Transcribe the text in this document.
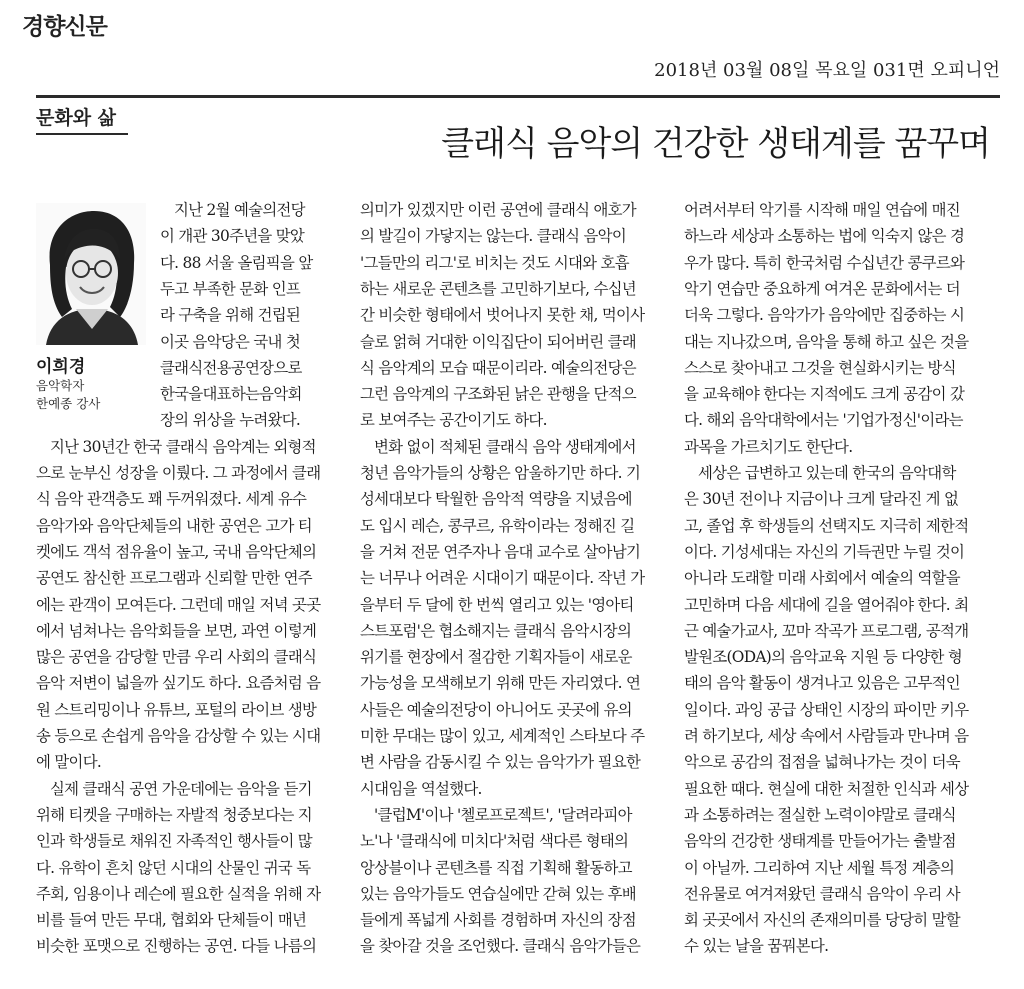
경향신문
2018년 03월 08일 목요일 031면 오피니언
문화와 삶
클래식 음악의 건강한 생태계를 꿈꾸며
이희경
음악학자
한예종 강사
지난 2월 예술의전당
이 개관 30주년을 맞았
다. 88 서울 올림픽을 앞
두고 부족한 문화 인프
라 구축을 위해 건립된
이곳 음악당은 국내 첫
클래식전용공연장으로
한국을대표하는음악회
장의 위상을 누려왔다.
지난 30년간 한국 클래식 음악계는 외형적
으로 눈부신 성장을 이뤘다. 그 과정에서 클래
식 음악 관객층도 꽤 두꺼워졌다. 세계 유수
음악가와 음악단체들의 내한 공연은 고가 티
켓에도 객석 점유율이 높고, 국내 음악단체의
공연도 참신한 프로그램과 신뢰할 만한 연주
에는 관객이 모여든다. 그런데 매일 저녁 곳곳
에서 넘쳐나는 음악회들을 보면, 과연 이렇게
많은 공연을 감당할 만큼 우리 사회의 클래식
음악 저변이 넓을까 싶기도 하다. 요즘처럼 음
원 스트리밍이나 유튜브, 포털의 라이브 생방
송 등으로 손쉽게 음악을 감상할 수 있는 시대
에 말이다.
실제 클래식 공연 가운데에는 음악을 듣기
위해 티켓을 구매하는 자발적 청중보다는 지
인과 학생들로 채워진 자족적인 행사들이 많
다. 유학이 흔치 않던 시대의 산물인 귀국 독
주회, 임용이나 레슨에 필요한 실적을 위해 자
비를 들여 만든 무대, 협회와 단체들이 매년
비슷한 포맷으로 진행하는 공연. 다들 나름의
의미가 있겠지만 이런 공연에 클래식 애호가
의 발길이 가닿지는 않는다. 클래식 음악이
'그들만의 리그'로 비치는 것도 시대와 호흡
하는 새로운 콘텐츠를 고민하기보다, 수십년
간 비슷한 형태에서 벗어나지 못한 채, 먹이사
슬로 얽혀 거대한 이익집단이 되어버린 클래
식 음악계의 모습 때문이리라. 예술의전당은
그런 음악계의 구조화된 낡은 관행을 단적으
로 보여주는 공간이기도 하다.
변화 없이 적체된 클래식 음악 생태계에서
청년 음악가들의 상황은 암울하기만 하다. 기
성세대보다 탁월한 음악적 역량을 지녔음에
도 입시 레슨, 콩쿠르, 유학이라는 정해진 길
을 거쳐 전문 연주자나 음대 교수로 살아남기
는 너무나 어려운 시대이기 때문이다. 작년 가
을부터 두 달에 한 번씩 열리고 있는 '영아티
스트포럼'은 협소해지는 클래식 음악시장의
위기를 현장에서 절감한 기획자들이 새로운
가능성을 모색해보기 위해 만든 자리였다. 연
사들은 예술의전당이 아니어도 곳곳에 유의
미한 무대는 많이 있고, 세계적인 스타보다 주
변 사람을 감동시킬 수 있는 음악가가 필요한
시대임을 역설했다.
'클럽M'이나 '첼로프로젝트', '달려라피아
노'나 '클래식에 미치다'처럼 색다른 형태의
앙상블이나 콘텐츠를 직접 기획해 활동하고
있는 음악가들도 연습실에만 갇혀 있는 후배
들에게 폭넓게 사회를 경험하며 자신의 장점
을 찾아갈 것을 조언했다. 클래식 음악가들은
어려서부터 악기를 시작해 매일 연습에 매진
하느라 세상과 소통하는 법에 익숙지 않은 경
우가 많다. 특히 한국처럼 수십년간 콩쿠르와
악기 연습만 중요하게 여겨온 문화에서는 더
더욱 그렇다. 음악가가 음악에만 집중하는 시
대는 지나갔으며, 음악을 통해 하고 싶은 것을
스스로 찾아내고 그것을 현실화시키는 방식
을 교육해야 한다는 지적에도 크게 공감이 갔
다. 해외 음악대학에서는 '기업가정신'이라는
과목을 가르치기도 한단다.
세상은 급변하고 있는데 한국의 음악대학
은 30년 전이나 지금이나 크게 달라진 게 없
고, 졸업 후 학생들의 선택지도 지극히 제한적
이다. 기성세대는 자신의 기득권만 누릴 것이
아니라 도래할 미래 사회에서 예술의 역할을
고민하며 다음 세대에 길을 열어줘야 한다. 최
근 예술가교사, 꼬마 작곡가 프로그램, 공적개
발원조(ODA)의 음악교육 지원 등 다양한 형
태의 음악 활동이 생겨나고 있음은 고무적인
일이다. 과잉 공급 상태인 시장의 파이만 키우
려 하기보다, 세상 속에서 사람들과 만나며 음
악으로 공감의 접점을 넓혀나가는 것이 더욱
필요한 때다. 현실에 대한 처절한 인식과 세상
과 소통하려는 절실한 노력이야말로 클래식
음악의 건강한 생태계를 만들어가는 출발점
이 아닐까. 그리하여 지난 세월 특정 계층의
전유물로 여겨져왔던 클래식 음악이 우리 사
회 곳곳에서 자신의 존재의미를 당당히 말할
수 있는 날을 꿈꿔본다.
